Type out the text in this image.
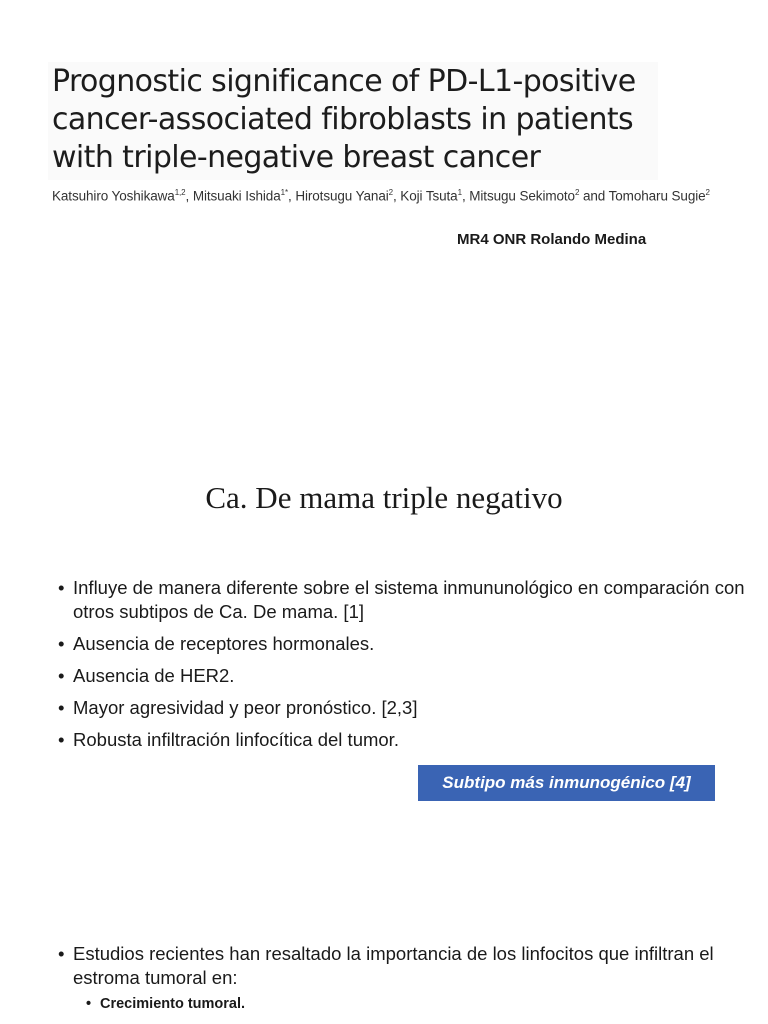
Prognostic significance of PD-L1-positive
cancer-associated fibroblasts in patients
with triple-negative breast cancer
Katsuhiro Yoshikawa$^{1,2}$, Mitsuaki Ishida$^{1*}$, Hirotsugu Yanai$^2$, Koji Tsuta$^1$, Mitsugu Sekimoto$^2$ and Tomoharu Sugie$^2$
MR4 ONR Rolando Medina
Ca. De mama triple negativo
• Influye de manera diferente sobre el sistema inmununológico en comparación con otros subtipos de Ca. De mama. [1]
• Ausencia de receptores hormonales.
• Ausencia de HER2.
• Mayor agresividad y peor pronóstico. [2,3]
• Robusta infiltración linfocítica del tumor.
Subtipo más inmunogénico [4]
• Estudios recientes han resaltado la importancia de los linfocitos que infiltran el estroma tumoral en:
• Crecimiento tumoral.
